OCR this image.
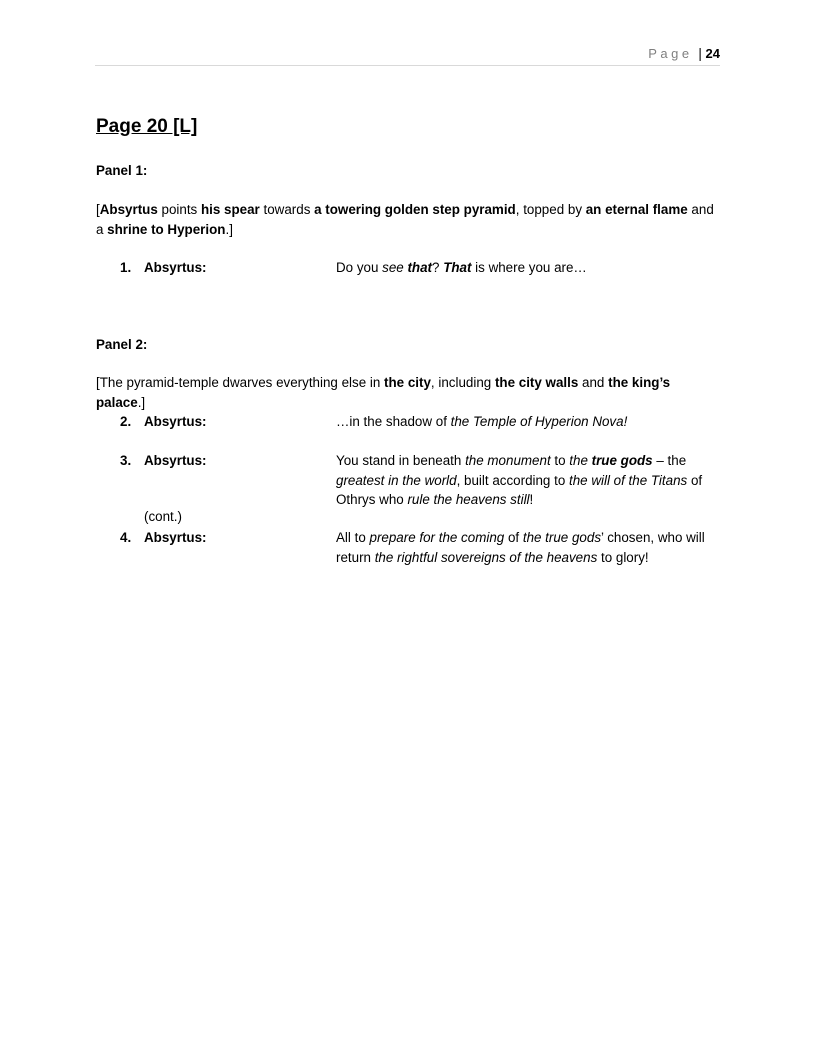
Page | 24
Page 20 [L]
Panel 1:
[Absyrtus points his spear towards a towering golden step pyramid, topped by an eternal flame and a shrine to Hyperion.]
1. Absyrtus:	Do you see that? That is where you are…
Panel 2:
[The pyramid-temple dwarves everything else in the city, including the city walls and the king’s palace.]
2. Absyrtus:	…in the shadow of the Temple of Hyperion Nova!
3. Absyrtus:	You stand in beneath the monument to the true gods – the greatest in the world, built according to the will of the Titans of Othrys who rule the heavens still!
(cont.)
4. Absyrtus:	All to prepare for the coming of the true gods’ chosen, who will return the rightful sovereigns of the heavens to glory!
